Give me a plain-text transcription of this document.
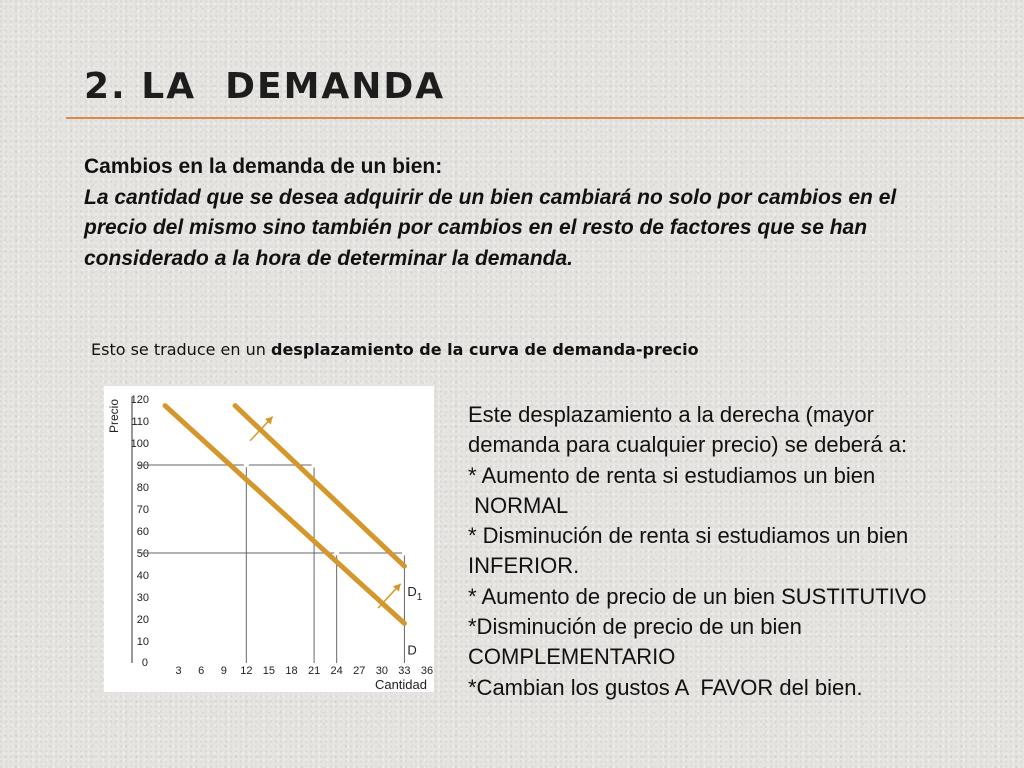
2. LA  DEMANDA
Cambios en la demanda de un bien:
La cantidad que se desea adquirir de un bien cambiará no solo por cambios en el precio del mismo sino también por cambios en el resto de factores que se han considerado a la hora de determinar la demanda.
Esto se traduce en un desplazamiento de la curva de demanda-precio
10
20
30
40
50
60
70
80
90
100
110
120
0
3 6 9 12 15 18 21 24 27 30 33 36
Precio
Cantidad
$D_1$
D
Este desplazamiento a la derecha (mayor
demanda para cualquier precio) se deberá a:
* Aumento de renta si estudiamos un bien
NORMAL
* Disminución de renta si estudiamos un bien
INFERIOR.
* Aumento de precio de un bien SUSTITUTIVO
*Disminución de precio de un bien
COMPLEMENTARIO
*Cambian los gustos A  FAVOR del bien.
